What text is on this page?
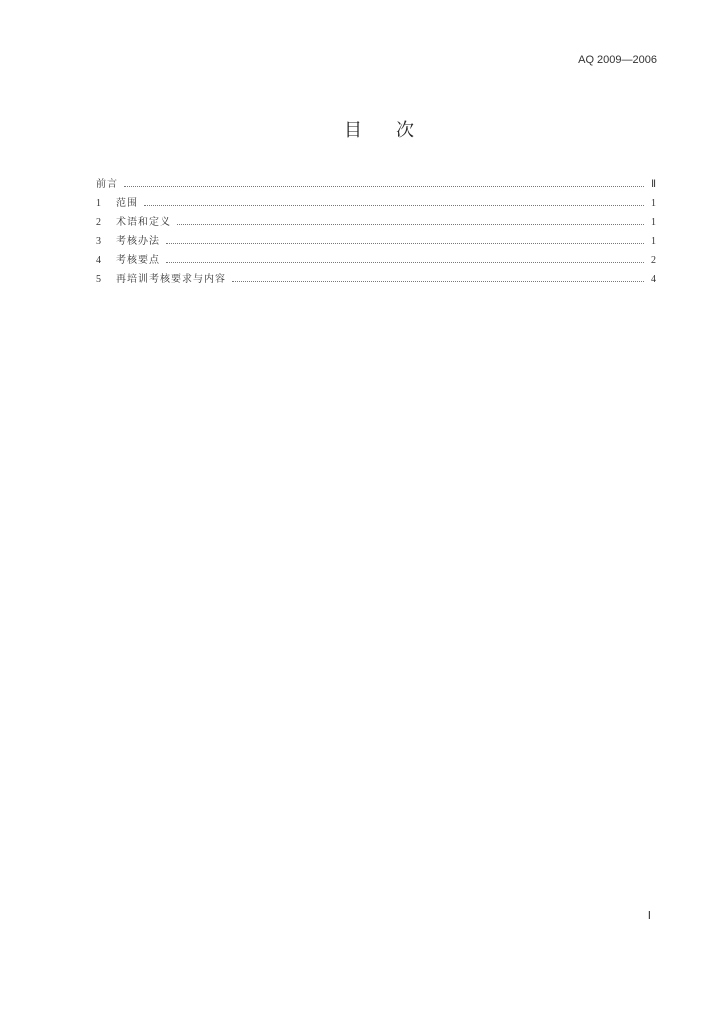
AQ 2009—2006
目次
前言	Ⅱ
1	范围	1
2	术语和定义	1
3	考核办法	1
4	考核要点	2
5	再培训考核要求与内容	4
Ⅰ
